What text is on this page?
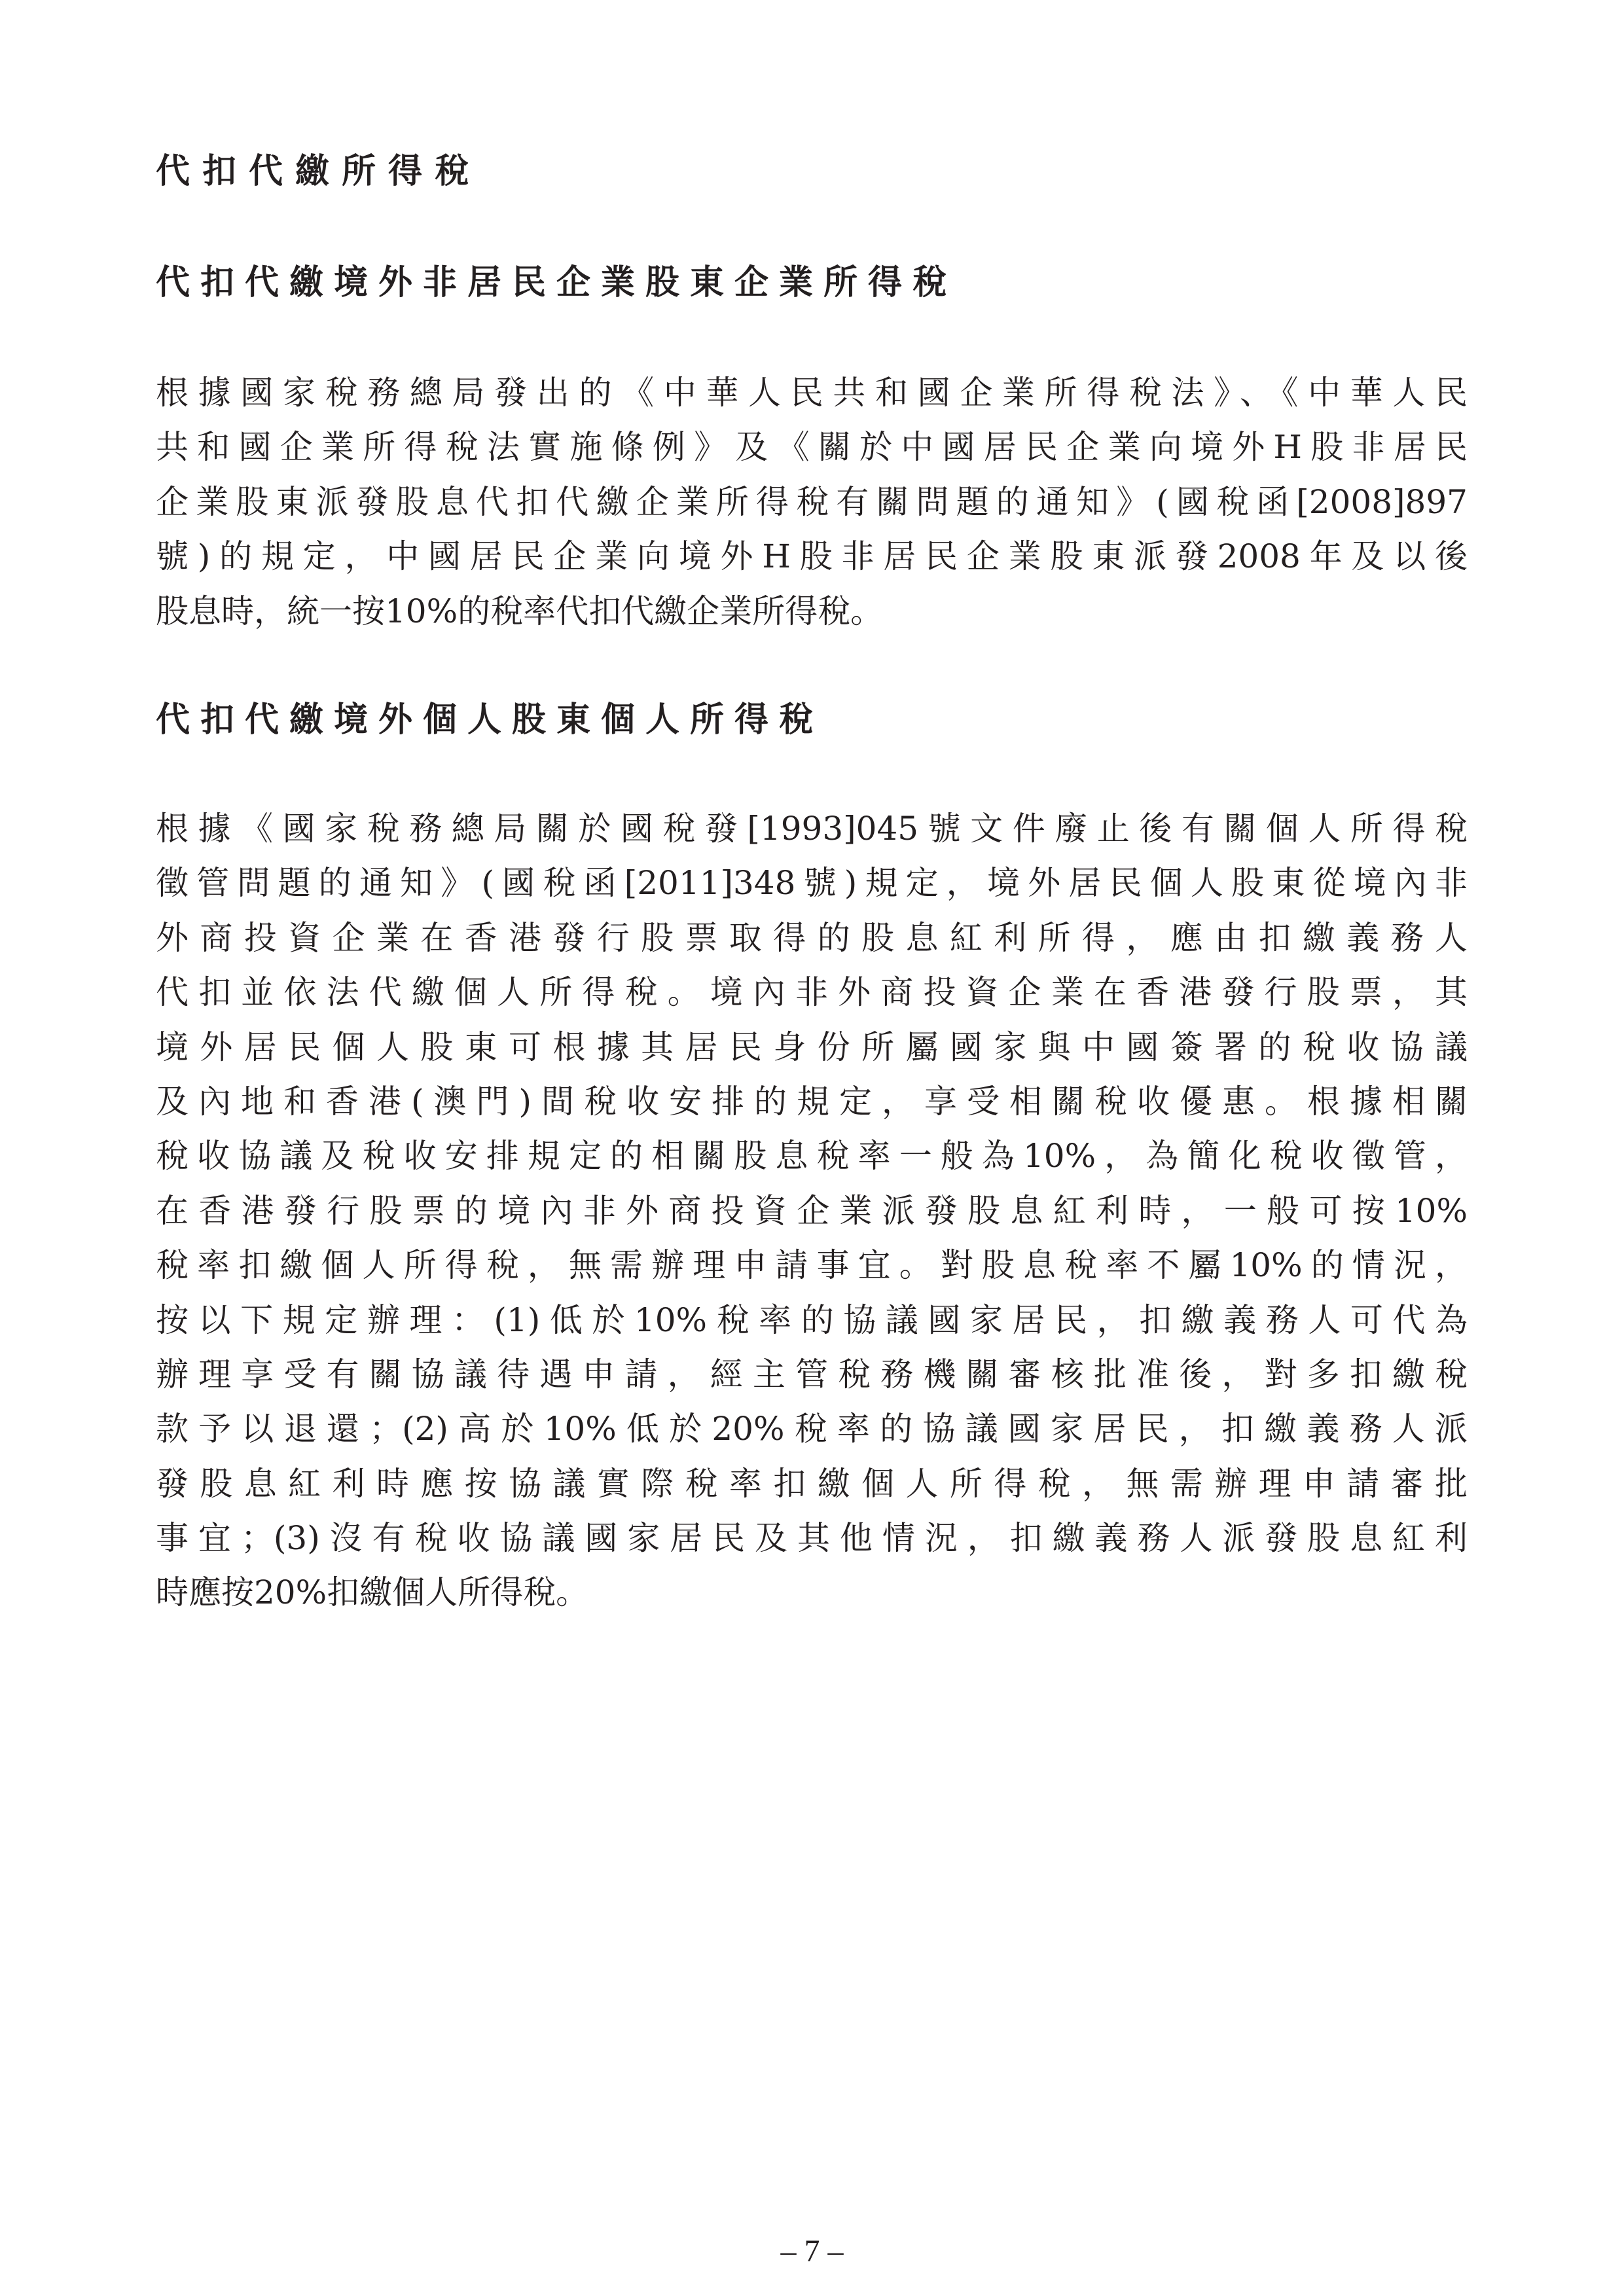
代扣代繳所得稅
代扣代繳境外非居民企業股東企業所得稅
根據國家稅務總局發出的《中華人民共和國企業所得稅法》、《中華人民
共和國企業所得稅法實施條例》及《關於中國居民企業向境外H股非居民
企業股東派發股息代扣代繳企業所得稅有關問題的通知》(國稅函[2008]897
號)的規定，中國居民企業向境外H股非居民企業股東派發2008年及以後
股息時，統一按10%的稅率代扣代繳企業所得稅。
代扣代繳境外個人股東個人所得稅
根據《國家稅務總局關於國稅發[1993]045號文件廢止後有關個人所得稅
徵管問題的通知》(國稅函[2011]348號)規定，境外居民個人股東從境內非
外商投資企業在香港發行股票取得的股息紅利所得，應由扣繳義務人
代扣並依法代繳個人所得稅。境內非外商投資企業在香港發行股票，其
境外居民個人股東可根據其居民身份所屬國家與中國簽署的稅收協議
及內地和香港(澳門)間稅收安排的規定，享受相關稅收優惠。根據相關
稅收協議及稅收安排規定的相關股息稅率一般為10%，為簡化稅收徵管，
在香港發行股票的境內非外商投資企業派發股息紅利時，一般可按10%
稅率扣繳個人所得稅，無需辦理申請事宜。對股息稅率不屬10%的情況，
按以下規定辦理：(1)低於10%稅率的協議國家居民，扣繳義務人可代為
辦理享受有關協議待遇申請，經主管稅務機關審核批准後，對多扣繳稅
款予以退還；(2)高於10%低於20%稅率的協議國家居民，扣繳義務人派
發股息紅利時應按協議實際稅率扣繳個人所得稅，無需辦理申請審批
事宜；(3)沒有稅收協議國家居民及其他情況，扣繳義務人派發股息紅利
時應按20%扣繳個人所得稅。
– 7 –
